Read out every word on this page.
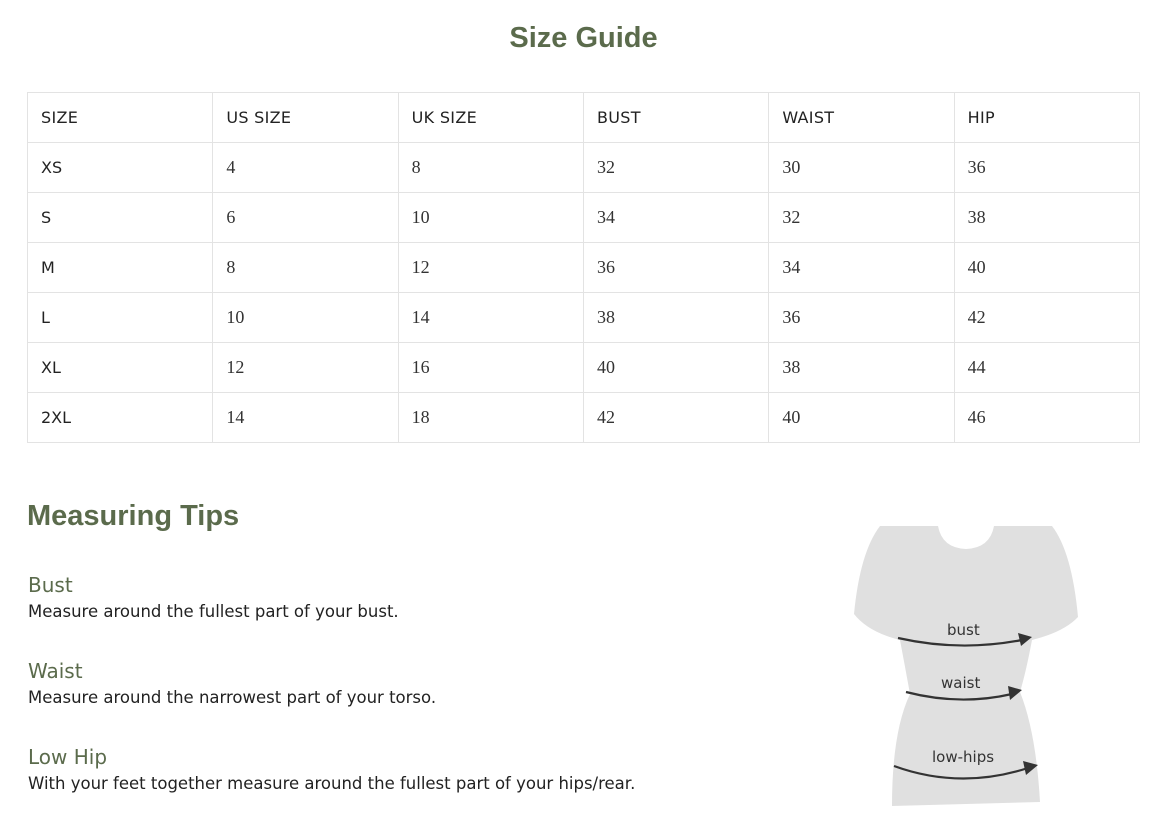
Size Guide
SIZE	US SIZE	UK SIZE	BUST	WAIST	HIP
XS	4	8	32	30	36
S	6	10	34	32	38
M	8	12	36	34	40
L	10	14	38	36	42
XL	12	16	40	38	44
2XL	14	18	42	40	46
Measuring Tips
Bust
Measure around the fullest part of your bust.
Waist
Measure around the narrowest part of your torso.
Low Hip
With your feet together measure around the fullest part of your hips/rear.
bust
waist
low-hips
